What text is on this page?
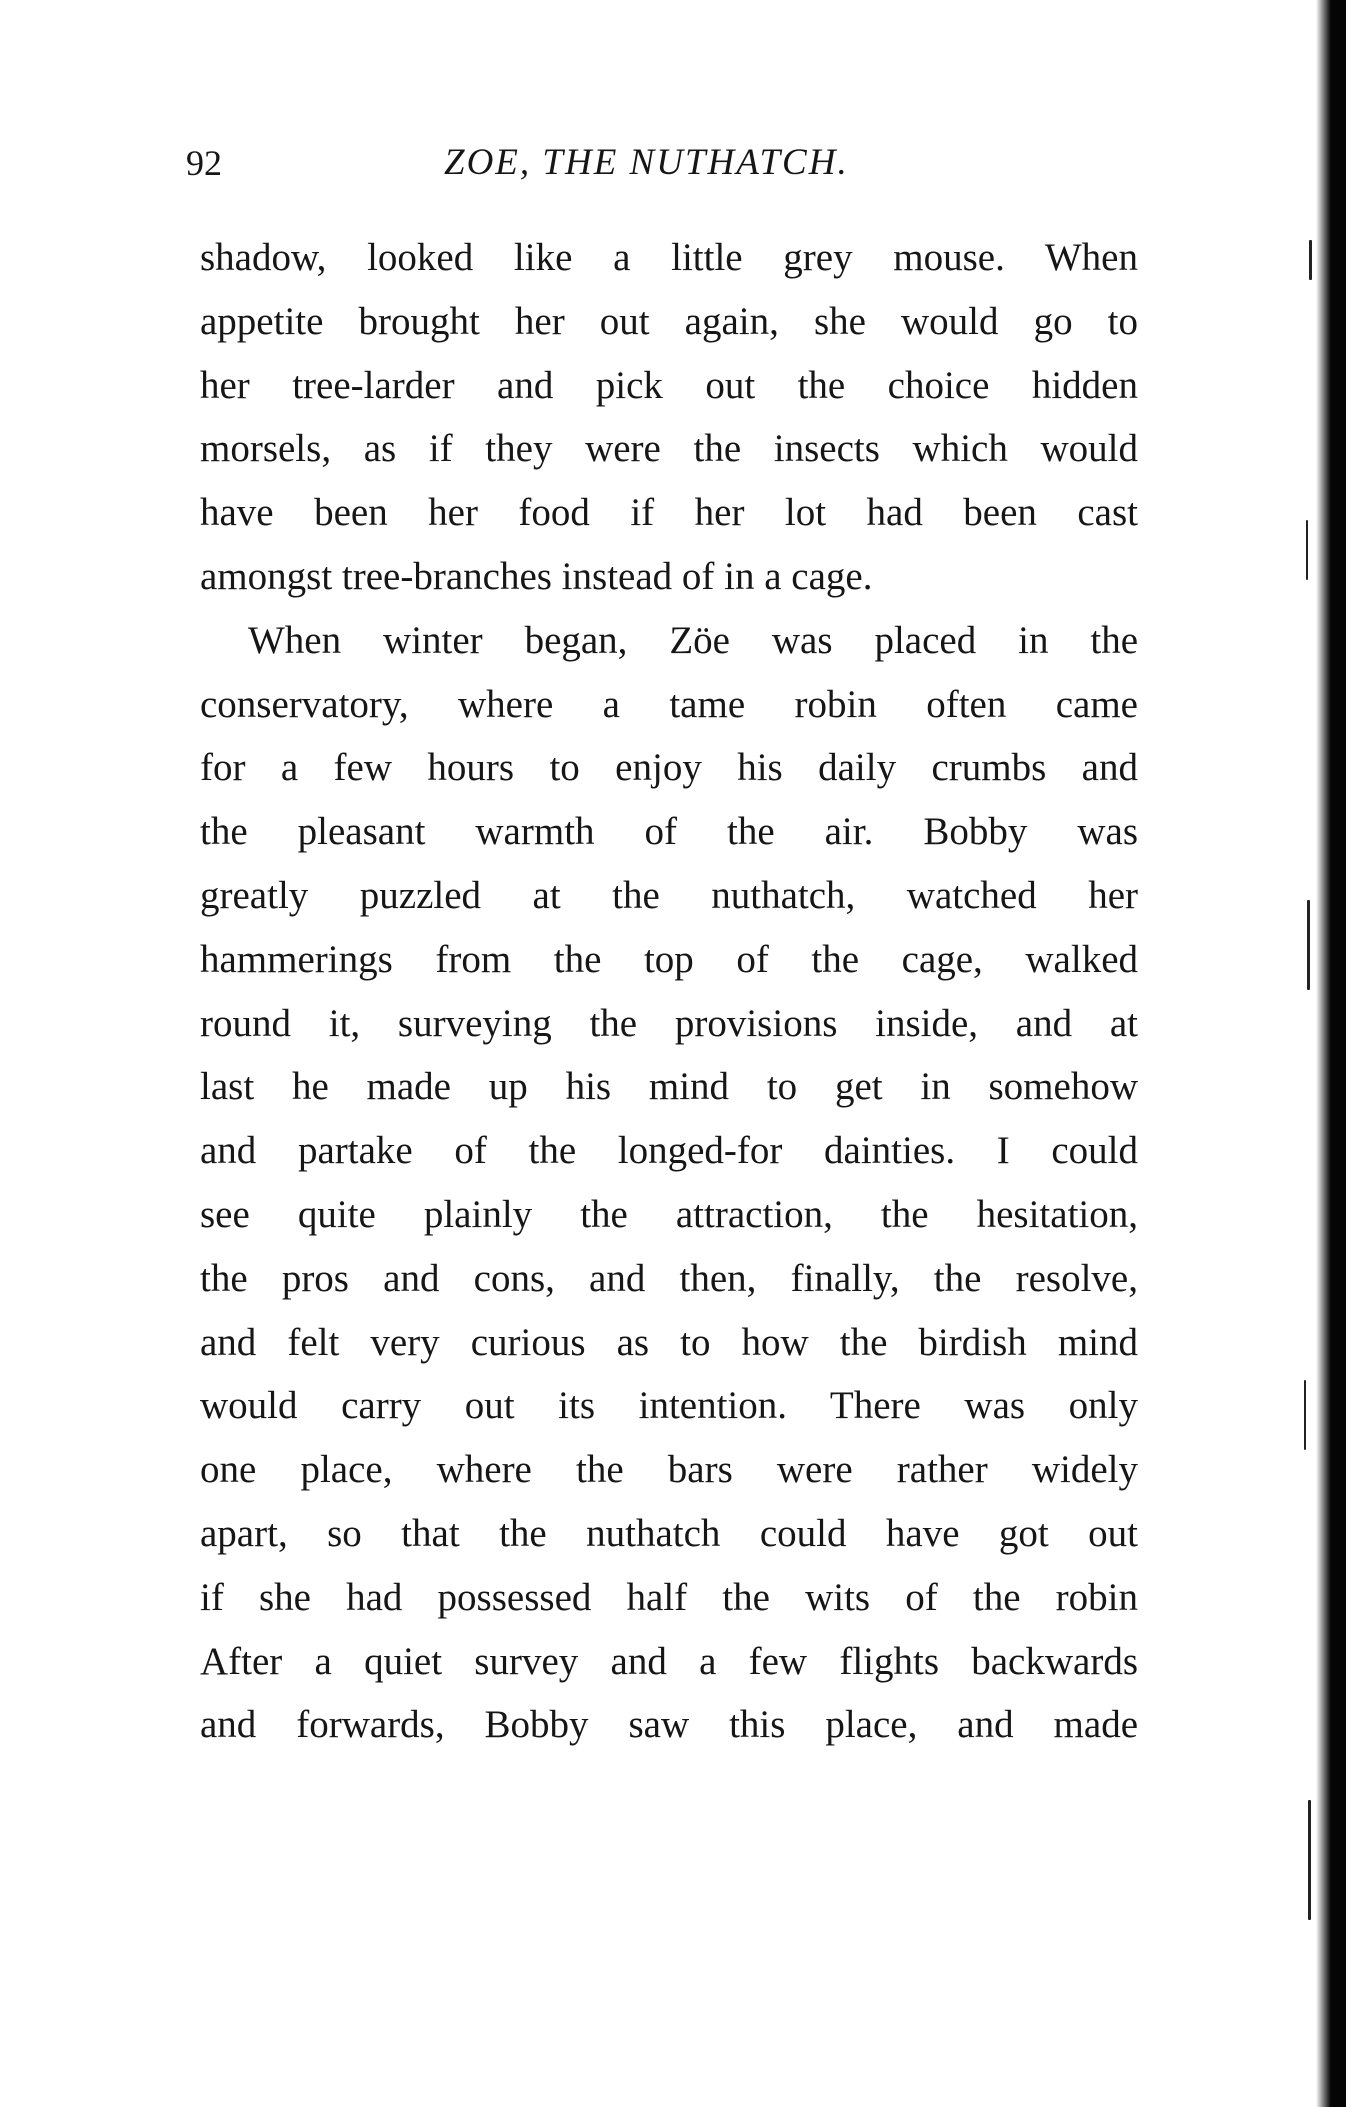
92	ZOE, THE NUTHATCH.
shadow, looked like a little grey mouse. When
appetite brought her out again, she would go to
her tree-larder and pick out the choice hidden
morsels, as if they were the insects which would
have been her food if her lot had been cast
amongst tree-branches instead of in a cage.
When winter began, Zöe was placed in the
conservatory, where a tame robin often came
for a few hours to enjoy his daily crumbs and
the pleasant warmth of the air. Bobby was
greatly puzzled at the nuthatch, watched her
hammerings from the top of the cage, walked
round it, surveying the provisions inside, and at
last he made up his mind to get in somehow
and partake of the longed-for dainties. I could
see quite plainly the attraction, the hesitation,
the pros and cons, and then, finally, the resolve,
and felt very curious as to how the birdish mind
would carry out its intention. There was only
one place, where the bars were rather widely
apart, so that the nuthatch could have got out
if she had possessed half the wits of the robin
After a quiet survey and a few flights backwards
and forwards, Bobby saw this place, and made
